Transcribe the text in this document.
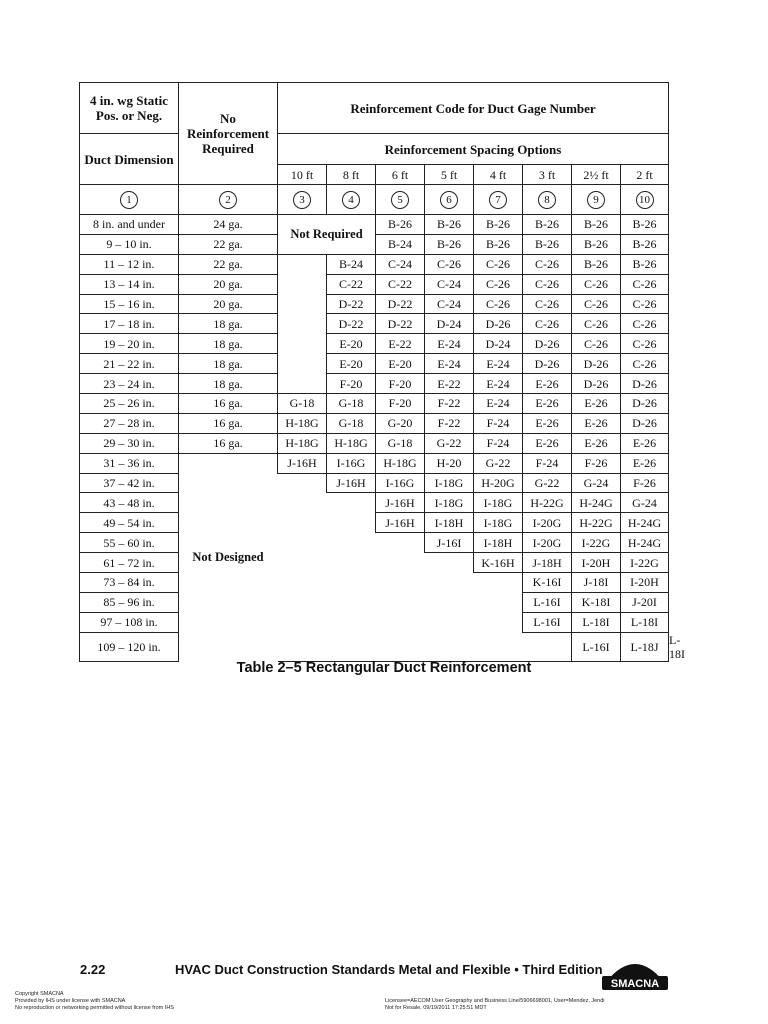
4 in. wg Static Pos. or Neg.	No Reinforcement Required	Reinforcement Code for Duct Gage Number								

Duct Dimension		Reinforcement Spacing Options								
		10 ft	8 ft	6 ft	5 ft	4 ft	3 ft	2½ ft	2 ft	
1	2	3	4	5	6	7	8	9	10	
8 in. and under	24 ga.	Not Required		B-26	B-26	B-26	B-26	B-26	B-26	
9 – 10 in.	22 ga.			B-24	B-26	B-26	B-26	B-26	B-26	
11 – 12 in.	22 ga.		B-24	C-24	C-26	C-26	C-26	B-26	B-26	
13 – 14 in.	20 ga.		C-22	C-22	C-24	C-26	C-26	C-26	C-26	
15 – 16 in.	20 ga.		D-22	D-22	C-24	C-26	C-26	C-26	C-26	
17 – 18 in.	18 ga.		D-22	D-22	D-24	D-26	C-26	C-26	C-26	
19 – 20 in.	18 ga.		E-20	E-22	E-24	D-24	D-26	C-26	C-26	
21 – 22 in.	18 ga.		E-20	E-20	E-24	E-24	D-26	D-26	C-26	
23 – 24 in.	18 ga.		F-20	F-20	E-22	E-24	E-26	D-26	D-26	
25 – 26 in.	16 ga.	G-18	G-18	F-20	F-22	E-24	E-26	E-26	D-26	
27 – 28 in.	16 ga.	H-18G	G-18	G-20	F-22	F-24	E-26	E-26	D-26	
29 – 30 in.	16 ga.	H-18G	H-18G	G-18	G-22	F-24	E-26	E-26	E-26	
31 – 36 in.	Not Designed	J-16H	I-16G	H-18G	H-20	G-22	F-24	F-26	E-26	
37 – 42 in.			J-16H	I-16G	I-18G	H-20G	G-22	G-24	F-26	
43 – 48 in.				J-16H	I-18G	I-18G	H-22G	H-24G	G-24	
49 – 54 in.				J-16H	I-18H	I-18G	I-20G	H-22G	H-24G	
55 – 60 in.					J-16I	I-18H	I-20G	I-22G	H-24G	
61 – 72 in.						K-16H	J-18H	I-20H	I-22G	
73 – 84 in.							K-16I	J-18I	I-20H	
85 – 96 in.							L-16I	K-18I	J-20I	
97 – 108 in.							L-16I	L-18I	L-18I	
109 – 120 in.								L-16I	L-18J	L-18I
Table 2–5 Rectangular Duct Reinforcement
2.22	HVAC Duct Construction Standards Metal and Flexible • Third Edition
SMACNA
Copyright SMACNA
Provided by IHS under license with SMACNA
No reproduction or networking permitted without license from IHS
Licensee=AECOM User Geography and Business Line/5906698001, User=Mendez, Jendi
Not for Resale, 09/19/2011 17:25:51 MDT
